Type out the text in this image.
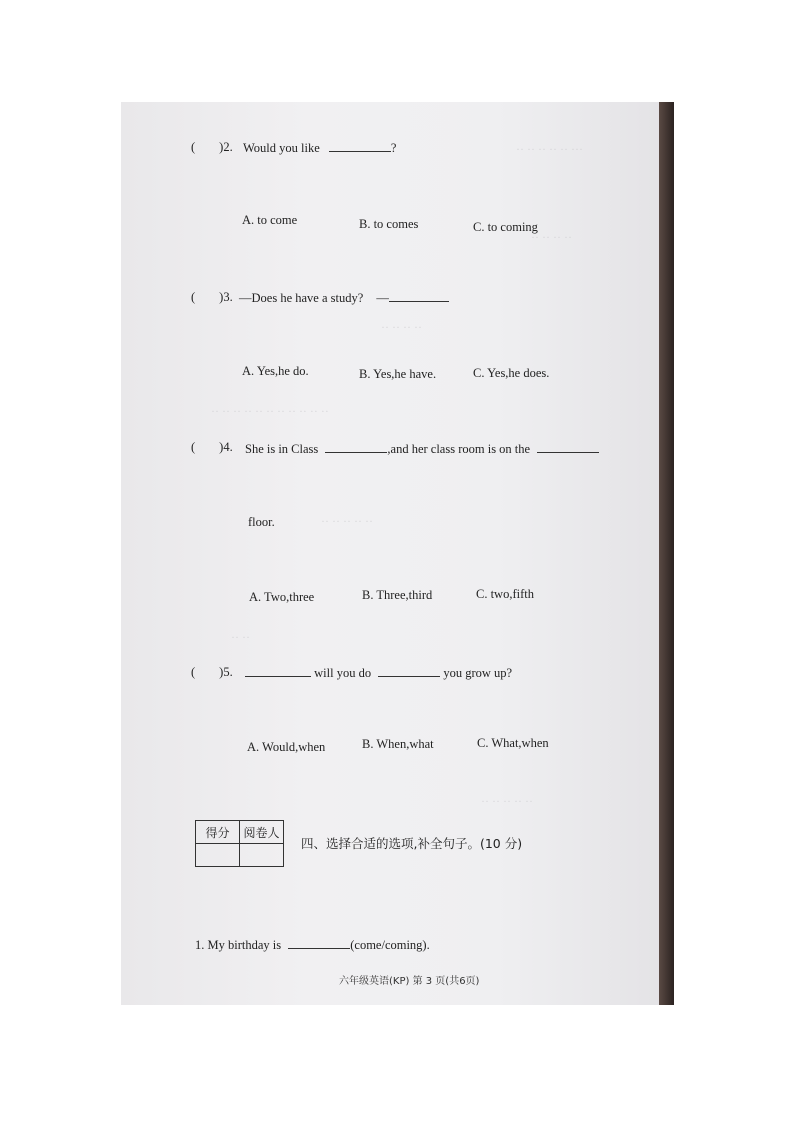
·· ·· ·· ·· ·· ···
·· ·· ·· ··
·· ·· ·· ··
·· ·· ·· ·· ·· ·· ·· ·· ·· ·· ··
·· ·· ·· ·· ··
·· ··
·· ·· ·· ·· ··
( )2. Would you like	?
A. to come	B. to comes	C. to coming
( )3. —Does he have a study? —
A. Yes,he do.	B. Yes,he have.	C. Yes,he does.
( )4. She is in Class	,and her class room is on the
floor.
A. Two,three	B. Three,third	C. two,fifth
( )5.	will you do	you grow up?
A. Would,when	B. When,what	C. What,when
得分	阅卷人

四、选择合适的选项,补全句子。(10 分)
1. My birthday is	(come/coming).
六年级英语(KP) 第 3 页(共6页)
